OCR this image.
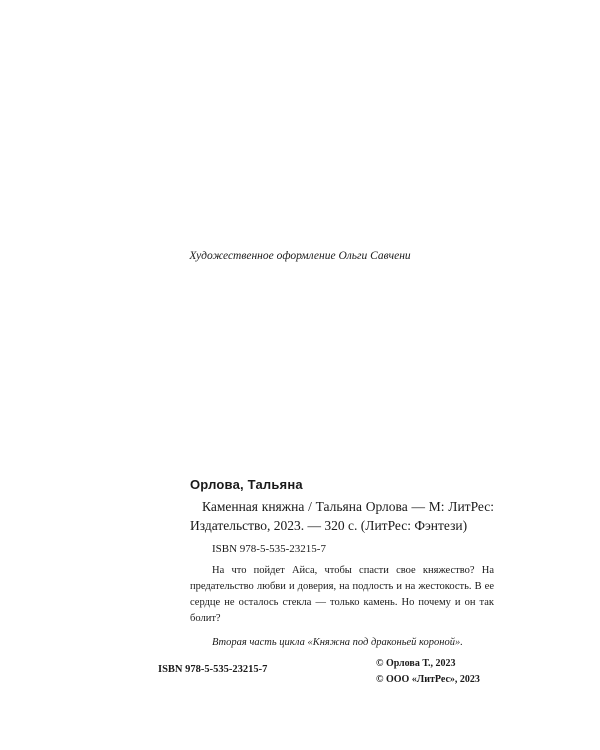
Художественное оформление Ольги Савчени
Орлова, Тальяна

Каменная княжна / Тальяна Орлова — М: ЛитРес: Издательство, 2023. — 320 с. (ЛитРес: Фэнтези)

ISBN 978-5-535-23215-7

На что пойдет Айса, чтобы спасти свое княжество? На предательство любви и доверия, на подлость и на жестокость. В ее сердце не осталось стекла — только камень. Но почему и он так болит?

Вторая часть цикла «Княжна под драконьей короной».
ISBN 978-5-535-23215-7
© Орлова Т., 2023
© ООО «ЛитРес», 2023
